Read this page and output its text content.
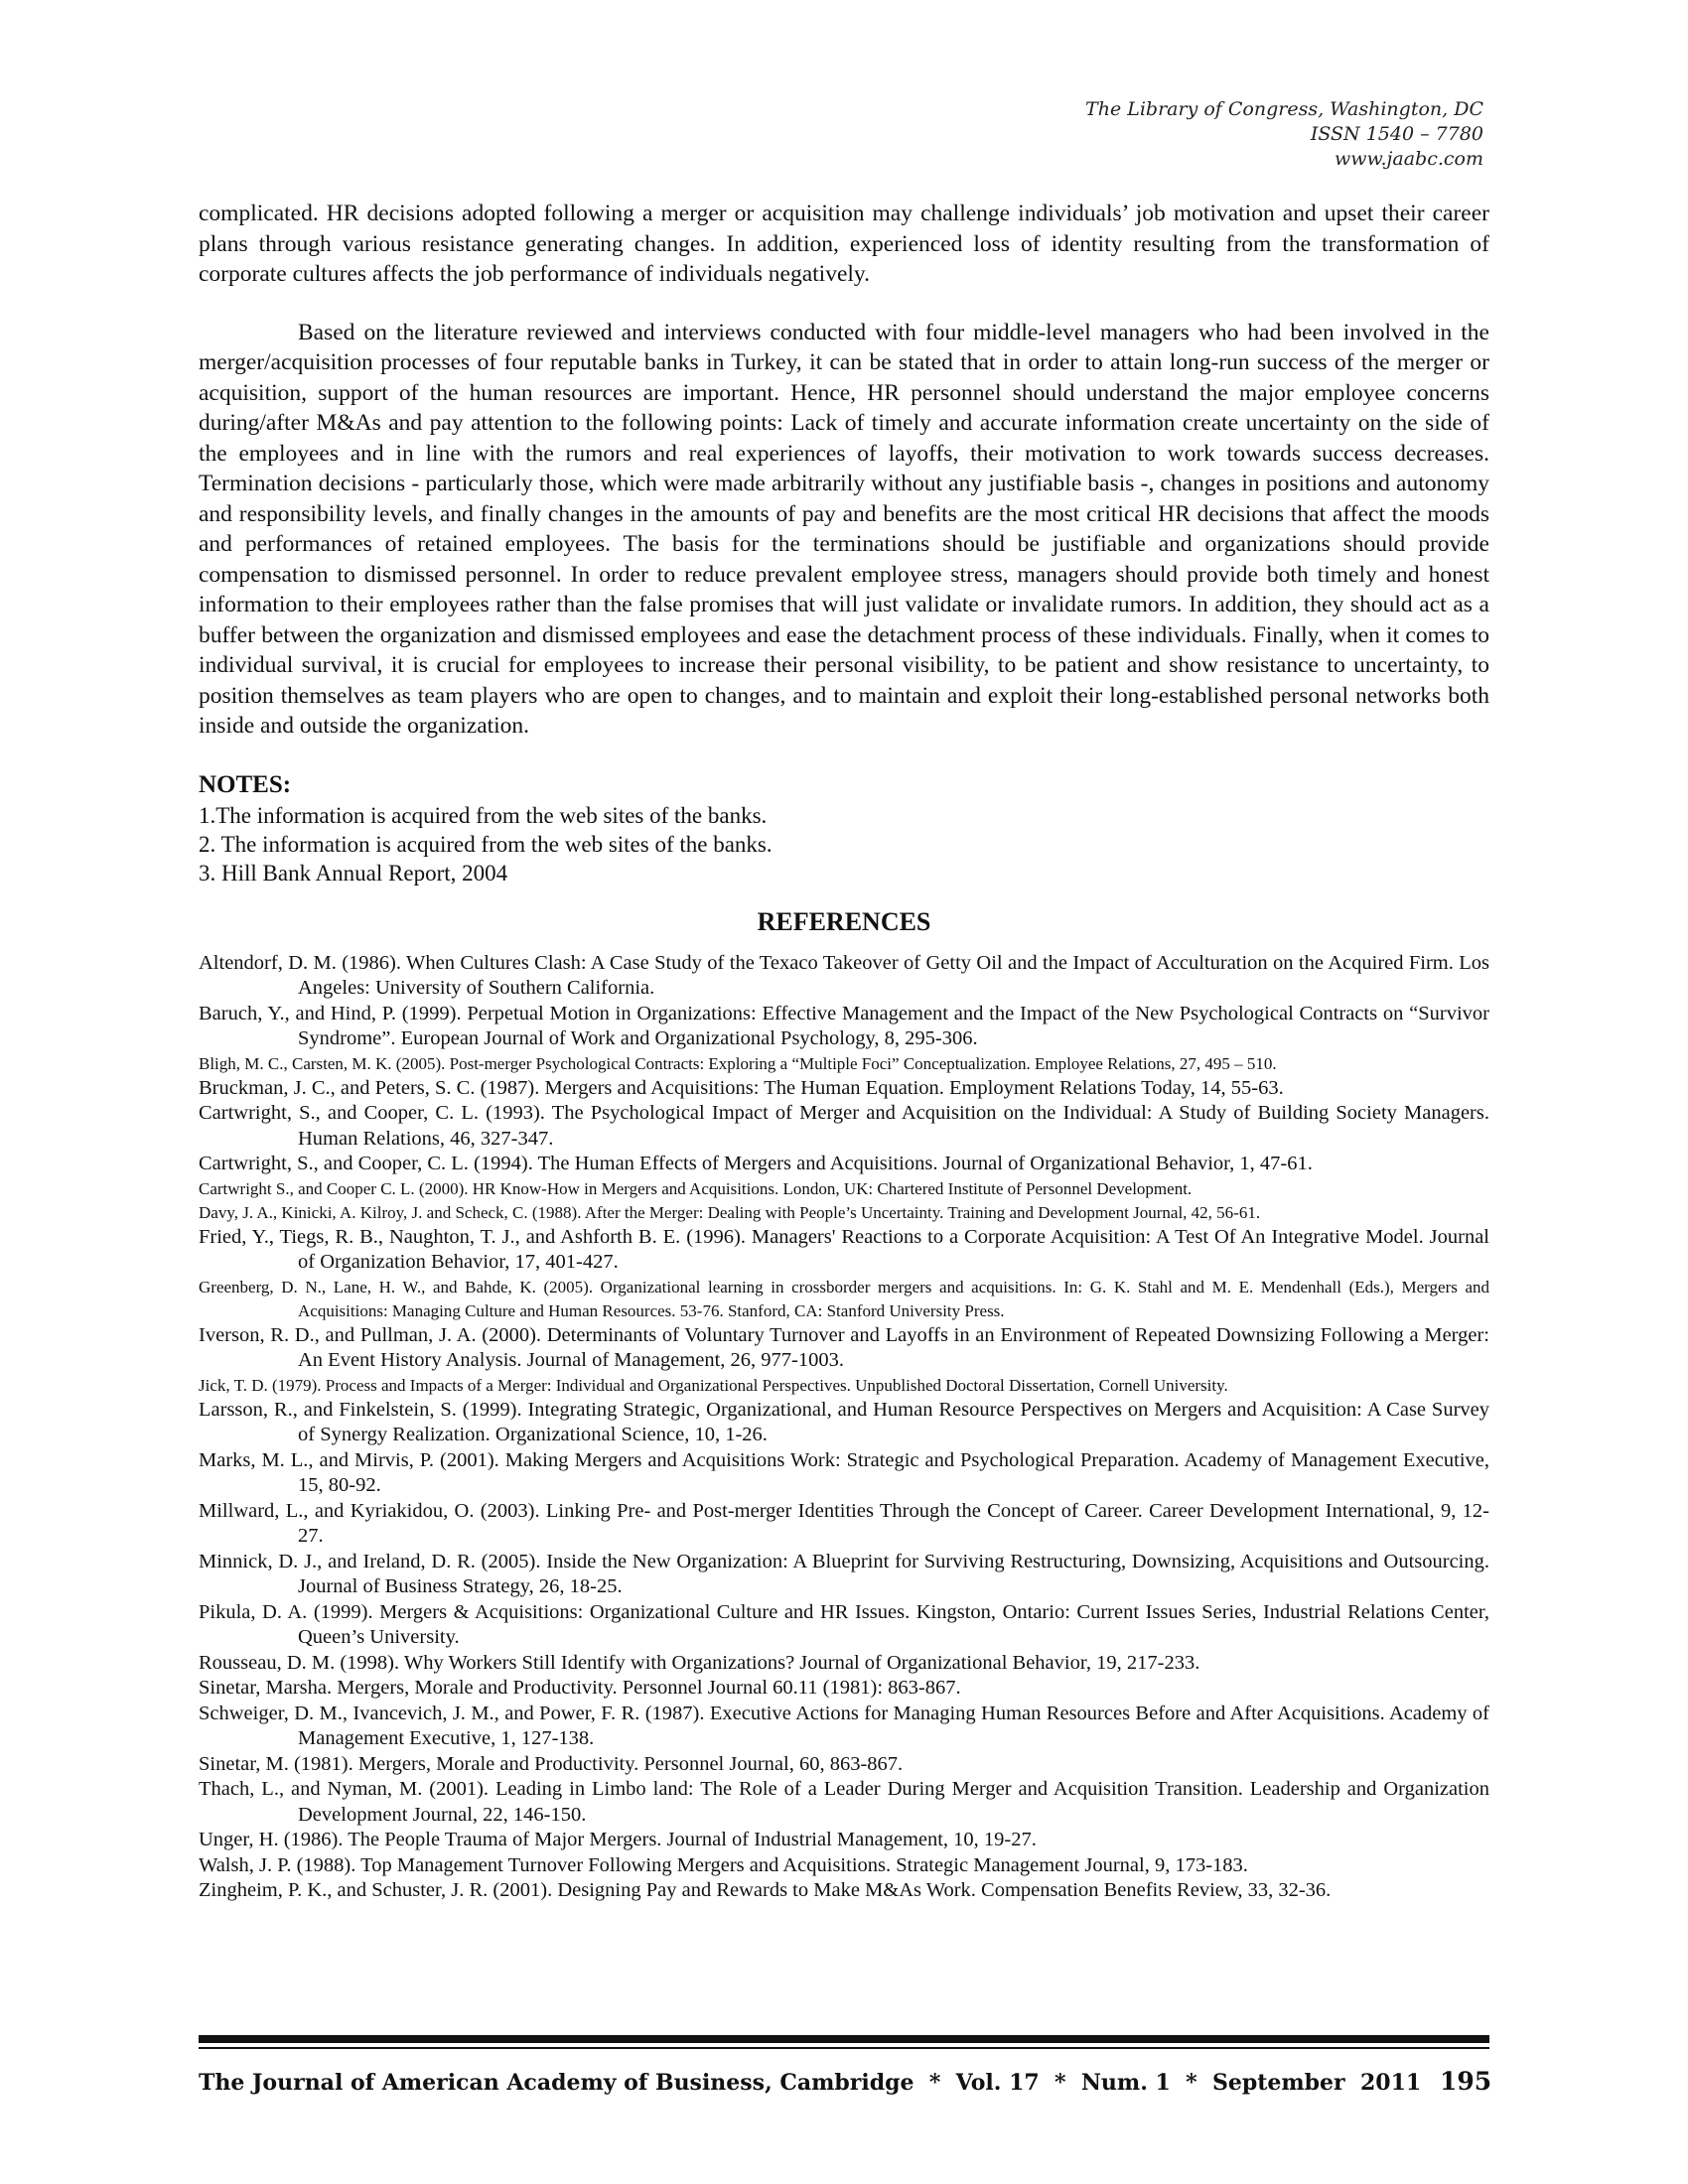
The Library of Congress, Washington, DC
ISSN 1540 – 7780
www.jaabc.com

complicated. HR decisions adopted following a merger or acquisition may challenge individuals’ job motivation and upset their career plans through various resistance generating changes. In addition, experienced loss of identity resulting from the transformation of corporate cultures affects the job performance of individuals negatively.

Based on the literature reviewed and interviews conducted with four middle-level managers who had been involved in the merger/acquisition processes of four reputable banks in Turkey, it can be stated that in order to attain long-run success of the merger or acquisition, support of the human resources are important. Hence, HR personnel should understand the major employee concerns during/after M&As and pay attention to the following points: Lack of timely and accurate information create uncertainty on the side of the employees and in line with the rumors and real experiences of layoffs, their motivation to work towards success decreases. Termination decisions - particularly those, which were made arbitrarily without any justifiable basis -, changes in positions and autonomy and responsibility levels, and finally changes in the amounts of pay and benefits are the most critical HR decisions that affect the moods and performances of retained employees. The basis for the terminations should be justifiable and organizations should provide compensation to dismissed personnel. In order to reduce prevalent employee stress, managers should provide both timely and honest information to their employees rather than the false promises that will just validate or invalidate rumors. In addition, they should act as a buffer between the organization and dismissed employees and ease the detachment process of these individuals. Finally, when it comes to individual survival, it is crucial for employees to increase their personal visibility, to be patient and show resistance to uncertainty, to position themselves as team players who are open to changes, and to maintain and exploit their long-established personal networks both inside and outside the organization.

NOTES:
1.The information is acquired from the web sites of the banks.
2. The information is acquired from the web sites of the banks.
3. Hill Bank Annual Report, 2004
REFERENCES
Altendorf, D. M. (1986). When Cultures Clash: A Case Study of the Texaco Takeover of Getty Oil and the Impact of Acculturation on the Acquired Firm. Los Angeles: University of Southern California.
Baruch, Y., and Hind, P. (1999). Perpetual Motion in Organizations: Effective Management and the Impact of the New Psychological Contracts on “Survivor Syndrome”. European Journal of Work and Organizational Psychology, 8, 295-306.
Bligh, M. C., Carsten, M. K. (2005). Post-merger Psychological Contracts: Exploring a “Multiple Foci” Conceptualization. Employee Relations, 27, 495 – 510.
Bruckman, J. C., and Peters, S. C. (1987). Mergers and Acquisitions: The Human Equation. Employment Relations Today, 14, 55-63.
Cartwright, S., and Cooper, C. L. (1993). The Psychological Impact of Merger and Acquisition on the Individual: A Study of Building Society Managers. Human Relations, 46, 327-347.
Cartwright, S., and Cooper, C. L. (1994). The Human Effects of Mergers and Acquisitions. Journal of Organizational Behavior, 1, 47-61.
Cartwright S., and Cooper C. L. (2000). HR Know-How in Mergers and Acquisitions. London, UK: Chartered Institute of Personnel Development.
Davy, J. A., Kinicki, A. Kilroy, J. and Scheck, C. (1988). After the Merger: Dealing with People’s Uncertainty. Training and Development Journal, 42, 56-61.
Fried, Y., Tiegs, R. B., Naughton, T. J., and Ashforth B. E. (1996). Managers' Reactions to a Corporate Acquisition: A Test Of An Integrative Model. Journal of Organization Behavior, 17, 401-427.
Greenberg, D. N., Lane, H. W., and Bahde, K. (2005). Organizational learning in crossborder mergers and acquisitions. In: G. K. Stahl and M. E. Mendenhall (Eds.), Mergers and Acquisitions: Managing Culture and Human Resources. 53-76. Stanford, CA: Stanford University Press.
Iverson, R. D., and Pullman, J. A. (2000). Determinants of Voluntary Turnover and Layoffs in an Environment of Repeated Downsizing Following a Merger: An Event History Analysis. Journal of Management, 26, 977-1003.
Jick, T. D. (1979). Process and Impacts of a Merger: Individual and Organizational Perspectives. Unpublished Doctoral Dissertation, Cornell University.
Larsson, R., and Finkelstein, S. (1999). Integrating Strategic, Organizational, and Human Resource Perspectives on Mergers and Acquisition: A Case Survey of Synergy Realization. Organizational Science, 10, 1-26.
Marks, M. L., and Mirvis, P. (2001). Making Mergers and Acquisitions Work: Strategic and Psychological Preparation. Academy of Management Executive, 15, 80-92.
Millward, L., and Kyriakidou, O. (2003). Linking Pre- and Post-merger Identities Through the Concept of Career. Career Development International, 9, 12-27.
Minnick, D. J., and Ireland, D. R. (2005). Inside the New Organization: A Blueprint for Surviving Restructuring, Downsizing, Acquisitions and Outsourcing. Journal of Business Strategy, 26, 18-25.
Pikula, D. A. (1999). Mergers & Acquisitions: Organizational Culture and HR Issues. Kingston, Ontario: Current Issues Series, Industrial Relations Center, Queen’s University.
Rousseau, D. M. (1998). Why Workers Still Identify with Organizations? Journal of Organizational Behavior, 19, 217-233.
Sinetar, Marsha. Mergers, Morale and Productivity. Personnel Journal 60.11 (1981): 863-867.
Schweiger, D. M., Ivancevich, J. M., and Power, F. R. (1987). Executive Actions for Managing Human Resources Before and After Acquisitions. Academy of Management Executive, 1, 127-138.
Sinetar, M. (1981). Mergers, Morale and Productivity. Personnel Journal, 60, 863-867.
Thach, L., and Nyman, M. (2001). Leading in Limbo land: The Role of a Leader During Merger and Acquisition Transition. Leadership and Organization Development Journal, 22, 146-150.
Unger, H. (1986). The People Trauma of Major Mergers. Journal of Industrial Management, 10, 19-27.
Walsh, J. P. (1988). Top Management Turnover Following Mergers and Acquisitions. Strategic Management Journal, 9, 173-183.
Zingheim, P. K., and Schuster, J. R. (2001). Designing Pay and Rewards to Make M&As Work. Compensation Benefits Review, 33, 32-36.
The Journal of American Academy of Business, Cambridge  *  Vol. 17  *  Num. 1  *  September  2011 195
